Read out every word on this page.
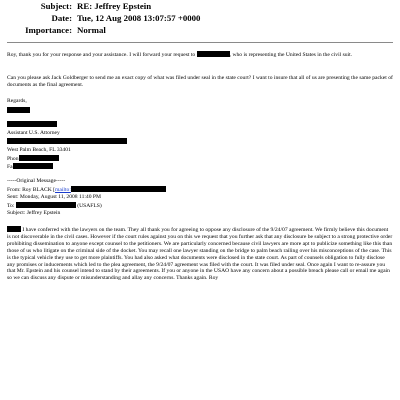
Subject: RE: Jeffrey Epstein
Date: Tue, 12 Aug 2008 13:07:57 +0000
Importance: Normal
Roy, thank you for your response and your assistance. I will forward your request to	, who is representing the United States in the civil suit.
Can you please ask Jack Goldberger to send me an exact copy of what was filed under seal in the state court? I want to insure that all of us are presenting the same packet of documents as the final agreement.
Regards,
Assistant U.S. Attorney
West Palm Beach, FL 33401
Phon
Fa
-----Original Message-----
From: Roy BLACK [mailto:
Sent: Monday, August 11, 2008 11:40 PM
To:	(USAFLS)
Subject: Jeffrey Epstein
I have conferred with the lawyers on the team. They all thank you for agreeing to oppose any disclosure of the 9/24/07 agreement. We firmly believe this document is not discoverable in the civil cases. However if the court rules against you on this we request that you further ask that any disclosure be subject to a strong protective order prohibiting dissemination to anyone except counsel to the petitioners. We are particularly concerned because civil lawyers are more apt to publicize something like this than those of us who litigate on the criminal side of the docket. You may recall one lawyer standing on the bridge to palm beach railing over his misconceptions of the case. This is the typical vehicle they use to get more plaintiffs. You had also asked what documents were disclosed in the state court. As part of counsels obligation to fully disclose any promises or inducements which led to the plea agreement, the 9/24/07 agreement was filed with the court. It was filed under seal. Once again I want to re-assure you that Mr. Epstein and his counsel intend to stand by their agreements. If you or anyone in the USAO have any concern about a possible breach please call or email me again so we can discuss any dispute or misunderstanding and allay any concerns. Thanks again. Roy
